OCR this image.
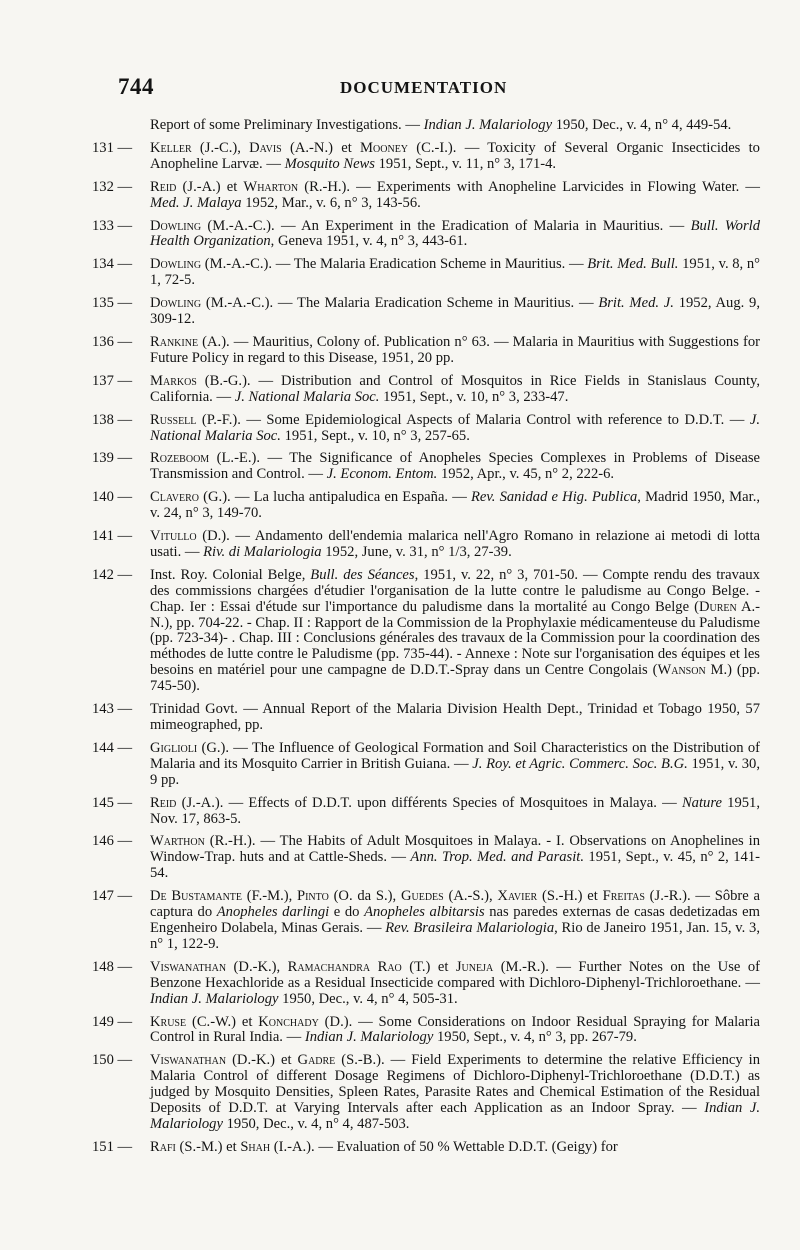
744	DOCUMENTATION
Report of some Preliminary Investigations. — Indian J. Malariology 1950, Dec., v. 4, n° 4, 449-54.
131 —	Keller (J.-C.), Davis (A.-N.) et Mooney (C.-I.). — Toxicity of Several Organic Insecticides to Anopheline Larvæ. — Mosquito News 1951, Sept., v. 11, n° 3, 171-4.
132 —	Reid (J.-A.) et Wharton (R.-H.). — Experiments with Anopheline Larvicides in Flowing Water. — Med. J. Malaya 1952, Mar., v. 6, n° 3, 143-56.
133 —	Dowling (M.-A.-C.). — An Experiment in the Eradication of Malaria in Mauritius. — Bull. World Health Organization, Geneva 1951, v. 4, n° 3, 443-61.
134 —	Dowling (M.-A.-C.). — The Malaria Eradication Scheme in Mauritius. — Brit. Med. Bull. 1951, v. 8, n° 1, 72-5.
135 —	Dowling (M.-A.-C.). — The Malaria Eradication Scheme in Mauritius. — Brit. Med. J. 1952, Aug. 9, 309-12.
136 —	Rankine (A.). — Mauritius, Colony of. Publication n° 63. — Malaria in Mauritius with Suggestions for Future Policy in regard to this Disease, 1951, 20 pp.
137 —	Markos (B.-G.). — Distribution and Control of Mosquitos in Rice Fields in Stanislaus County, California. — J. National Malaria Soc. 1951, Sept., v. 10, n° 3, 233-47.
138 —	Russell (P.-F.). — Some Epidemiological Aspects of Malaria Control with reference to D.D.T. — J. National Malaria Soc. 1951, Sept., v. 10, n° 3, 257-65.
139 —	Rozeboom (L.-E.). — The Significance of Anopheles Species Complexes in Problems of Disease Transmission and Control. — J. Econom. Entom. 1952, Apr., v. 45, n° 2, 222-6.
140 —	Clavero (G.). — La lucha antipaludica en España. — Rev. Sanidad e Hig. Publica, Madrid 1950, Mar., v. 24, n° 3, 149-70.
141 —	Vitullo (D.). — Andamento dell'endemia malarica nell'Agro Romano in relazione ai metodi di lotta usati. — Riv. di Malariologia 1952, June, v. 31, n° 1/3, 27-39.
142 —	Inst. Roy. Colonial Belge, Bull. des Séances, 1951, v. 22, n° 3, 701-50. — Compte rendu des travaux des commissions chargées d'étudier l'organisation de la lutte contre le paludisme au Congo Belge. - Chap. Ier : Essai d'étude sur l'importance du paludisme dans la mortalité au Congo Belge (Duren A.-N.), pp. 704-22. - Chap. II : Rapport de la Commission de la Prophylaxie médicamenteuse du Paludisme (pp. 723-34)- . Chap. III : Conclusions générales des travaux de la Commission pour la coordination des méthodes de lutte contre le Paludisme (pp. 735-44). - Annexe : Note sur l'organisation des équipes et les besoins en matériel pour une campagne de D.D.T.-Spray dans un Centre Congolais (Wanson M.) (pp. 745-50).
143 —	Trinidad Govt. — Annual Report of the Malaria Division Health Dept., Trinidad et Tobago 1950, 57 mimeographed, pp.
144 —	Giglioli (G.). — The Influence of Geological Formation and Soil Characteristics on the Distribution of Malaria and its Mosquito Carrier in British Guiana. — J. Roy. et Agric. Commerc. Soc. B.G. 1951, v. 30, 9 pp.
145 —	Reid (J.-A.). — Effects of D.D.T. upon différents Species of Mosquitoes in Malaya. — Nature 1951, Nov. 17, 863-5.
146 —	Warthon (R.-H.). — The Habits of Adult Mosquitoes in Malaya. - I. Observations on Anophelines in Window-Trap. huts and at Cattle-Sheds. — Ann. Trop. Med. and Parasit. 1951, Sept., v. 45, n° 2, 141-54.
147 —	De Bustamante (F.-M.), Pinto (O. da S.), Guedes (A.-S.), Xavier (S.-H.) et Freitas (J.-R.). — Sôbre a captura do Anopheles darlingi e do Anopheles albitarsis nas paredes externas de casas dedetizadas em Engenheiro Dolabela, Minas Gerais. — Rev. Brasileira Malariologia, Rio de Janeiro 1951, Jan. 15, v. 3, n° 1, 122-9.
148 —	Viswanathan (D.-K.), Ramachandra Rao (T.) et Juneja (M.-R.). — Further Notes on the Use of Benzone Hexachloride as a Residual Insecticide compared with Dichloro-Diphenyl-Trichloroethane. — Indian J. Malariology 1950, Dec., v. 4, n° 4, 505-31.
149 —	Kruse (C.-W.) et Konchady (D.). — Some Considerations on Indoor Residual Spraying for Malaria Control in Rural India. — Indian J. Malariology 1950, Sept., v. 4, n° 3, pp. 267-79.
150 —	Viswanathan (D.-K.) et Gadre (S.-B.). — Field Experiments to determine the relative Efficiency in Malaria Control of different Dosage Regimens of Dichloro-Diphenyl-Trichloroethane (D.D.T.) as judged by Mosquito Densities, Spleen Rates, Parasite Rates and Chemical Estimation of the Residual Deposits of D.D.T. at Varying Intervals after each Application as an Indoor Spray. — Indian J. Malariology 1950, Dec., v. 4, n° 4, 487-503.
151 —	Rafi (S.-M.) et Shah (I.-A.). — Evaluation of 50 % Wettable D.D.T. (Geigy) for
